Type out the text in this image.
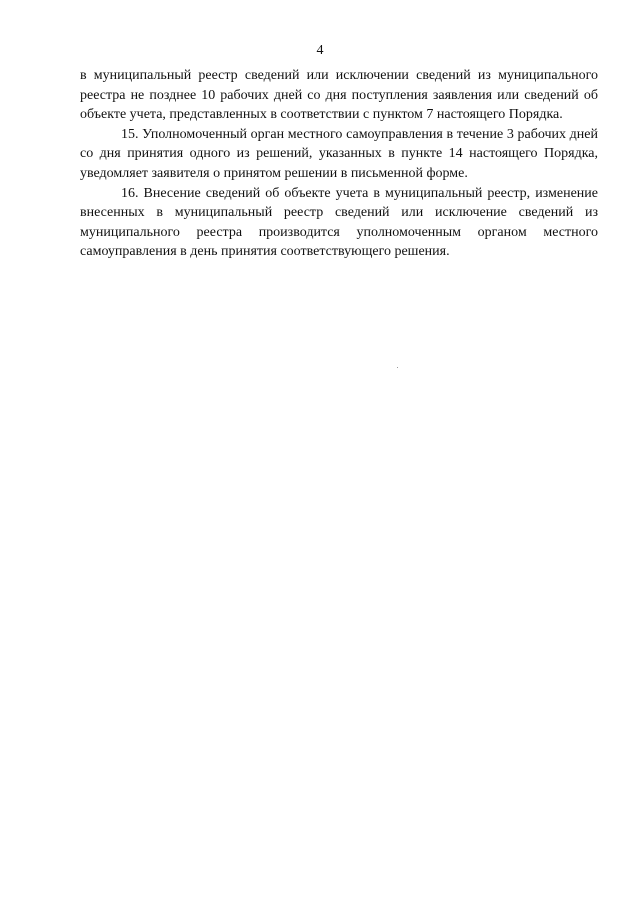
4

в муниципальный реестр сведений или исключении сведений из муниципального реестра не позднее 10 рабочих дней со дня поступления заявления или сведений об объекте учета, представленных в соответствии с пунктом 7 настоящего Порядка.

15. Уполномоченный орган местного самоуправления в течение 3 рабочих дней со дня принятия одного из решений, указанных в пункте 14 настоящего Порядка, уведомляет заявителя о принятом решении в письменной форме.

16. Внесение сведений об объекте учета в муниципальный реестр, изменение внесенных в муниципальный реестр сведений или исключение сведений из муниципального реестра производится уполномоченным органом местного самоуправления в день принятия соответствующего решения.
